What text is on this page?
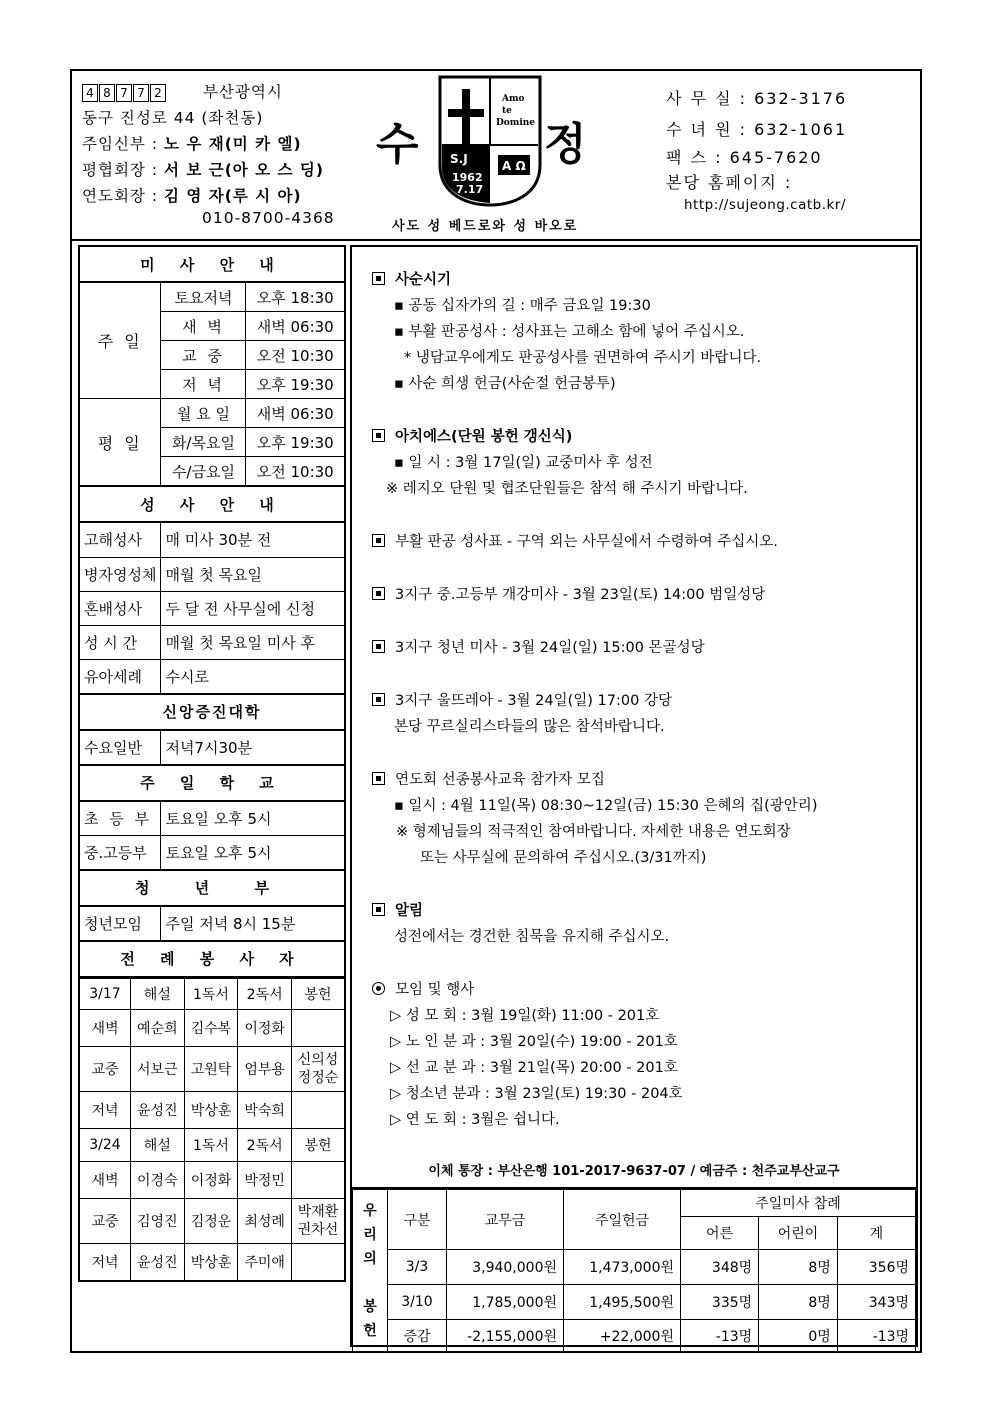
4 8 7 7 2	부산광역시
동구 진성로 44 (좌천동)
주임신부 : 노 우 재(미 카 엘)
평협회장 : 서 보 근(아 오 스 딩)
연도회장 : 김 영 자(루 시 아)
010-8700-4368
수	정
Amo
te
Domine
S.J
1962
7.17
A Ω
사도 성 베드로와 성 바오로
사 무 실 : 632-3176
수 녀 원 : 632-1061
팩 스 : 645-7620
본당 홈페이지 :
http://sujeong.catb.kr/
미 사 안 내		
주 일	토요저녁	오후 18:30
	새 벽	새벽 06:30
	교 중	오전 10:30
	저 녁	오후 19:30
평 일	월 요 일	새벽 06:30
	화/목요일	오후 19:30
	수/금요일	오전 10:30
성 사 안 내		
고해성사	매 미사 30분 전	
병자영성체	매월 첫 목요일	
혼배성사	두 달 전 사무실에 신청	
성 시 간	매월 첫 목요일 미사 후	
유아세례	수시로	
신앙증진대학		
수요일반	저녁7시30분	
주 일 학 교		
초 등 부	토요일 오후 5시	
중.고등부	토요일 오후 5시	
청 년 부		
청년모임	주일 저녁 8시 15분	
전 례 봉 사 자		
3/17	해설	1독서	2독서	봉헌
새벽	예순희	김수복	이정화	
교중	서보근	고원탁	엄부용	신의성
정정순
저녁	윤성진	박상훈	박숙희	
3/24	해설	1독서	2독서	봉헌
새벽	이경숙	이정화	박정민	
교중	김영진	김정운	최성례	박재환
권차선
저녁	윤성진	박상훈	주미애	
사순시기
▪ 공동 십자가의 길 : 매주 금요일 19:30
▪ 부활 판공성사 : 성사표는 고해소 함에 넣어 주십시오.
* 냉담교우에게도 판공성사를 권면하여 주시기 바랍니다.
▪ 사순 희생 헌금(사순절 헌금봉투)
아치에스(단원 봉헌 갱신식)
▪ 일 시 : 3월 17일(일) 교중미사 후 성전
※ 레지오 단원 및 협조단원들은 참석 해 주시기 바랍니다.
부활 판공 성사표 - 구역 외는 사무실에서 수령하여 주십시오.
3지구 중.고등부 개강미사 - 3월 23일(토) 14:00 범일성당
3지구 청년 미사 - 3월 24일(일) 15:00 몬골성당
3지구 울뜨레아 - 3월 24일(일) 17:00 강당
본당 꾸르실리스타들의 많은 참석바랍니다.
연도회 선종봉사교육 참가자 모집
▪ 일시 : 4월 11일(목) 08:30~12일(금) 15:30 은혜의 집(광안리)
※ 형제님들의 적극적인 참여바랍니다. 자세한 내용은 연도회장
또는 사무실에 문의하여 주십시오.(3/31까지)
알림
성전에서는 경건한 침묵을 유지해 주십시오.
모임 및 행사
▷ 성 모 회 : 3월 19일(화) 11:00 - 201호
▷ 노 인 분 과 : 3월 20일(수) 19:00 - 201호
▷ 선 교 분 과 : 3월 21일(목) 20:00 - 201호
▷ 청소년 분과 : 3월 23일(토) 19:30 - 204호
▷ 연 도 회 : 3월은 쉽니다.
이체 통장 : 부산은행 101-2017-9637-07 / 예금주 : 천주교부산교구
우
리
의

봉
헌	구분	교무금	주일헌금	주일미사 참례		
				어른	어린이	계
	3/3	3,940,000원	1,473,000원	348명	8명	356명
	3/10	1,785,000원	1,495,500원	335명	8명	343명
	증감	-2,155,000원	+22,000원	-13명	0명	-13명
